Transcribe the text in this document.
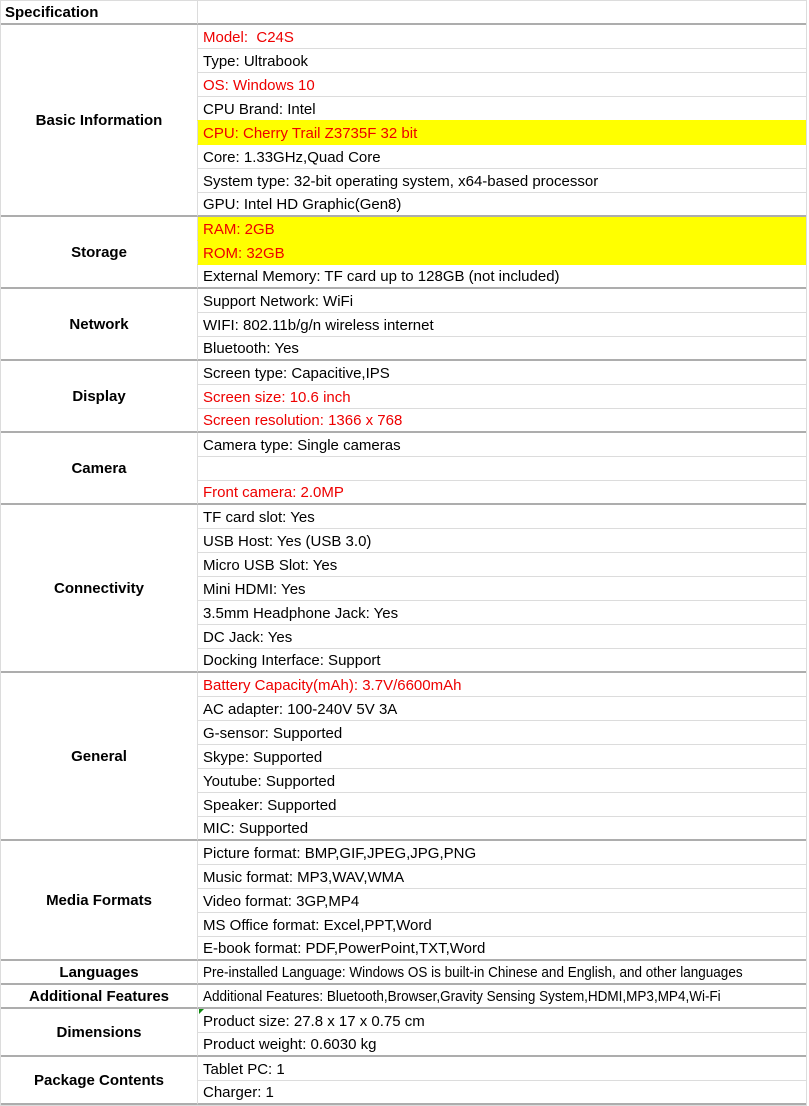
Specification	
Basic Information	Model:  C24S
	Type: Ultrabook
	OS: Windows 10
	CPU Brand: Intel
	CPU: Cherry Trail Z3735F 32 bit
	Core: 1.33GHz,Quad Core
	System type: 32-bit operating system, x64-based processor
	GPU: Intel HD Graphic(Gen8)
Storage	RAM: 2GB
	ROM: 32GB
	External Memory: TF card up to 128GB (not included)
Network	Support Network: WiFi
	WIFI: 802.11b/g/n wireless internet
	Bluetooth: Yes
Display	Screen type: Capacitive,IPS
	Screen size: 10.6 inch
	Screen resolution: 1366 x 768
Camera	Camera type: Single cameras

	Front camera: 2.0MP
Connectivity	TF card slot: Yes
	USB Host: Yes (USB 3.0)
	Micro USB Slot: Yes
	Mini HDMI: Yes
	3.5mm Headphone Jack: Yes
	DC Jack: Yes
	Docking Interface: Support
General	Battery Capacity(mAh): 3.7V/6600mAh
	AC adapter: 100-240V 5V 3A
	G-sensor: Supported
	Skype: Supported
	Youtube: Supported
	Speaker: Supported
	MIC: Supported
Media Formats	Picture format: BMP,GIF,JPEG,JPG,PNG
	Music format: MP3,WAV,WMA
	Video format: 3GP,MP4
	MS Office format: Excel,PPT,Word
	E-book format: PDF,PowerPoint,TXT,Word
Languages	Pre-installed Language: Windows OS is built-in Chinese and English, and other languages
Additional Features	Additional Features: Bluetooth,Browser,Gravity Sensing System,HDMI,MP3,MP4,Wi-Fi
Dimensions	Product size: 27.8 x 17 x 0.75 cm
	Product weight: 0.6030 kg
Package Contents	Tablet PC: 1
	Charger: 1
